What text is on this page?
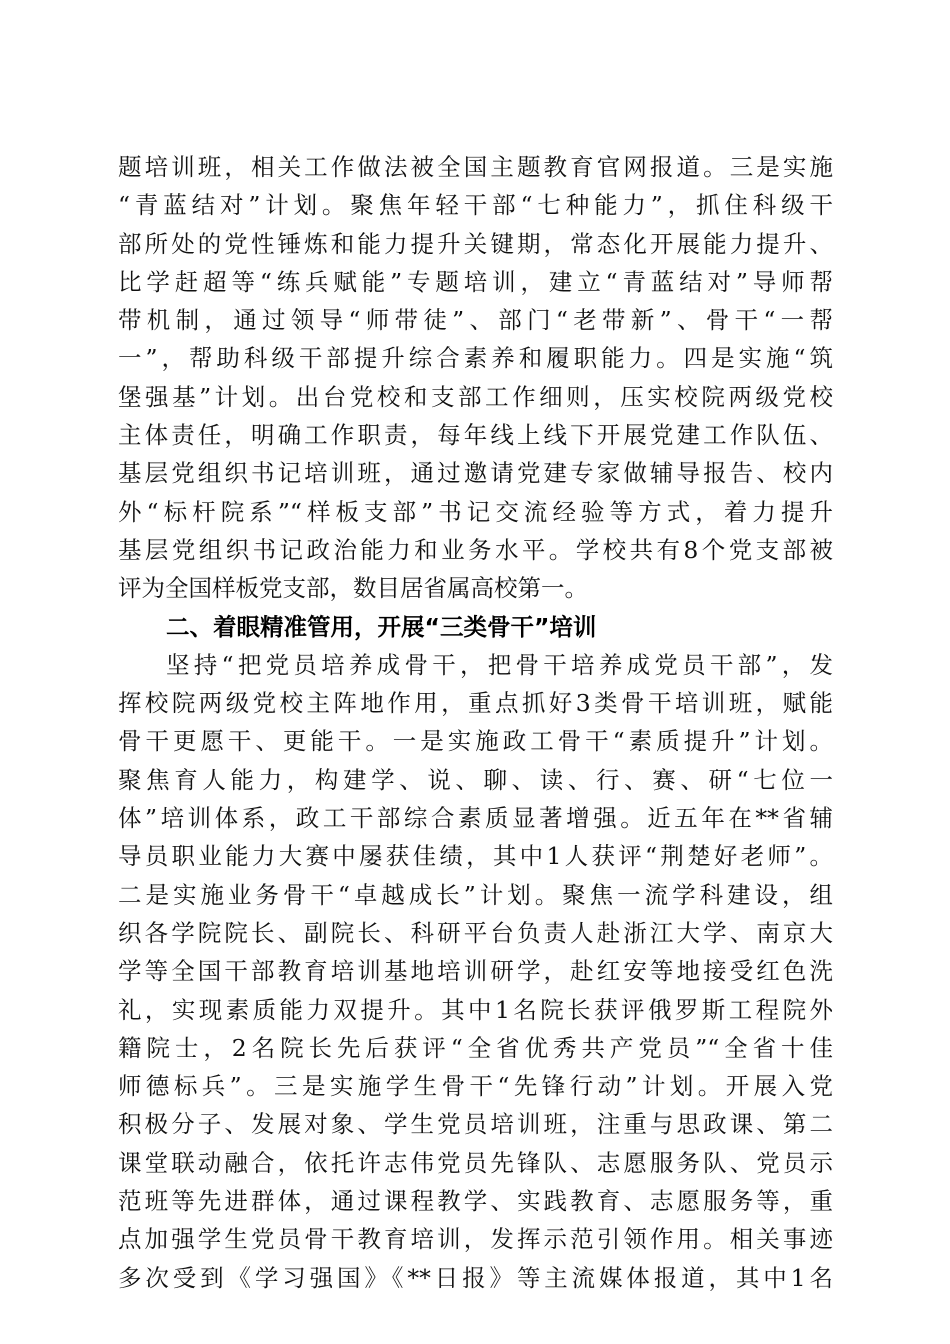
题培训班，相关工作做法被全国主题教育官网报道。三是实施
“青蓝结对”计划。聚焦年轻干部“七种能力”，抓住科级干
部所处的党性锤炼和能力提升关键期，常态化开展能力提升、
比学赶超等“练兵赋能”专题培训，建立“青蓝结对”导师帮
带机制，通过领导“师带徒”、部门“老带新”、骨干“一帮
一”，帮助科级干部提升综合素养和履职能力。四是实施“筑
堡强基”计划。出台党校和支部工作细则，压实校院两级党校
主体责任，明确工作职责，每年线上线下开展党建工作队伍、
基层党组织书记培训班，通过邀请党建专家做辅导报告、校内
外“标杆院系”“样板支部”书记交流经验等方式，着力提升
基层党组织书记政治能力和业务水平。学校共有8个党支部被
评为全国样板党支部，数目居省属高校第一。
二、着眼精准管用，开展“三类骨干”培训
坚持“把党员培养成骨干，把骨干培养成党员干部”，发
挥校院两级党校主阵地作用，重点抓好3类骨干培训班，赋能
骨干更愿干、更能干。一是实施政工骨干“素质提升”计划。
聚焦育人能力，构建学、说、聊、读、行、赛、研“七位一
体”培训体系，政工干部综合素质显著增强。近五年在**省辅
导员职业能力大赛中屡获佳绩，其中1人获评“荆楚好老师”。
二是实施业务骨干“卓越成长”计划。聚焦一流学科建设，组
织各学院院长、副院长、科研平台负责人赴浙江大学、南京大
学等全国干部教育培训基地培训研学，赴红安等地接受红色洗
礼，实现素质能力双提升。其中1名院长获评俄罗斯工程院外
籍院士，2名院长先后获评“全省优秀共产党员”“全省十佳
师德标兵”。三是实施学生骨干“先锋行动”计划。开展入党
积极分子、发展对象、学生党员培训班，注重与思政课、第二
课堂联动融合，依托许志伟党员先锋队、志愿服务队、党员示
范班等先进群体，通过课程教学、实践教育、志愿服务等，重
点加强学生党员骨干教育培训，发挥示范引领作用。相关事迹
多次受到《学习强国》《**日报》等主流媒体报道，其中1名
